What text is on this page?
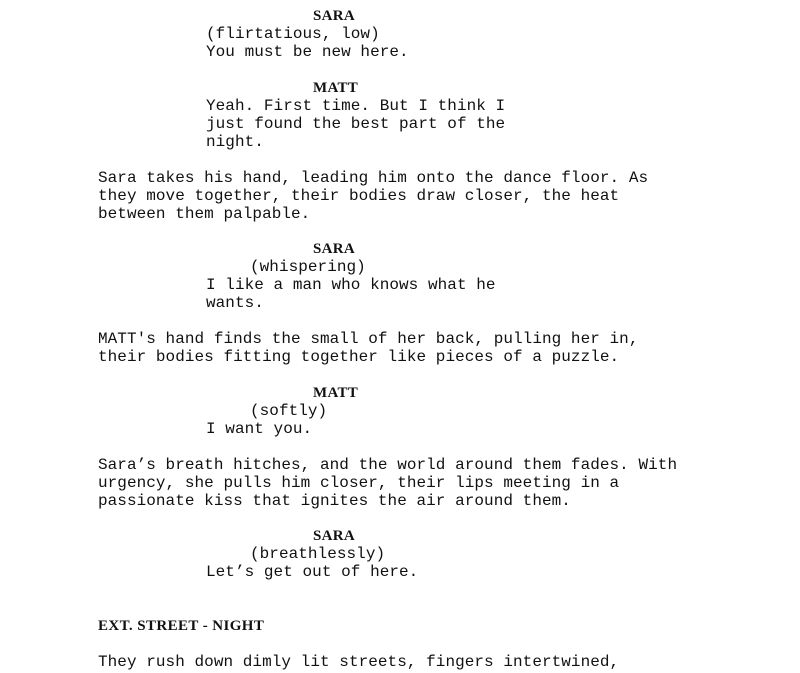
SARA
(flirtatious, low)
You must be new here.
MATT
Yeah. First time. But I think I
just found the best part of the
night.
Sara takes his hand, leading him onto the dance floor. As
they move together, their bodies draw closer, the heat
between them palpable.
SARA
(whispering)
I like a man who knows what he
wants.
MATT's hand finds the small of her back, pulling her in,
their bodies fitting together like pieces of a puzzle.
MATT
(softly)
I want you.
Sara’s breath hitches, and the world around them fades. With
urgency, she pulls him closer, their lips meeting in a
passionate kiss that ignites the air around them.
SARA
(breathlessly)
Let’s get out of here.
EXT. STREET - NIGHT
They rush down dimly lit streets, fingers intertwined,
